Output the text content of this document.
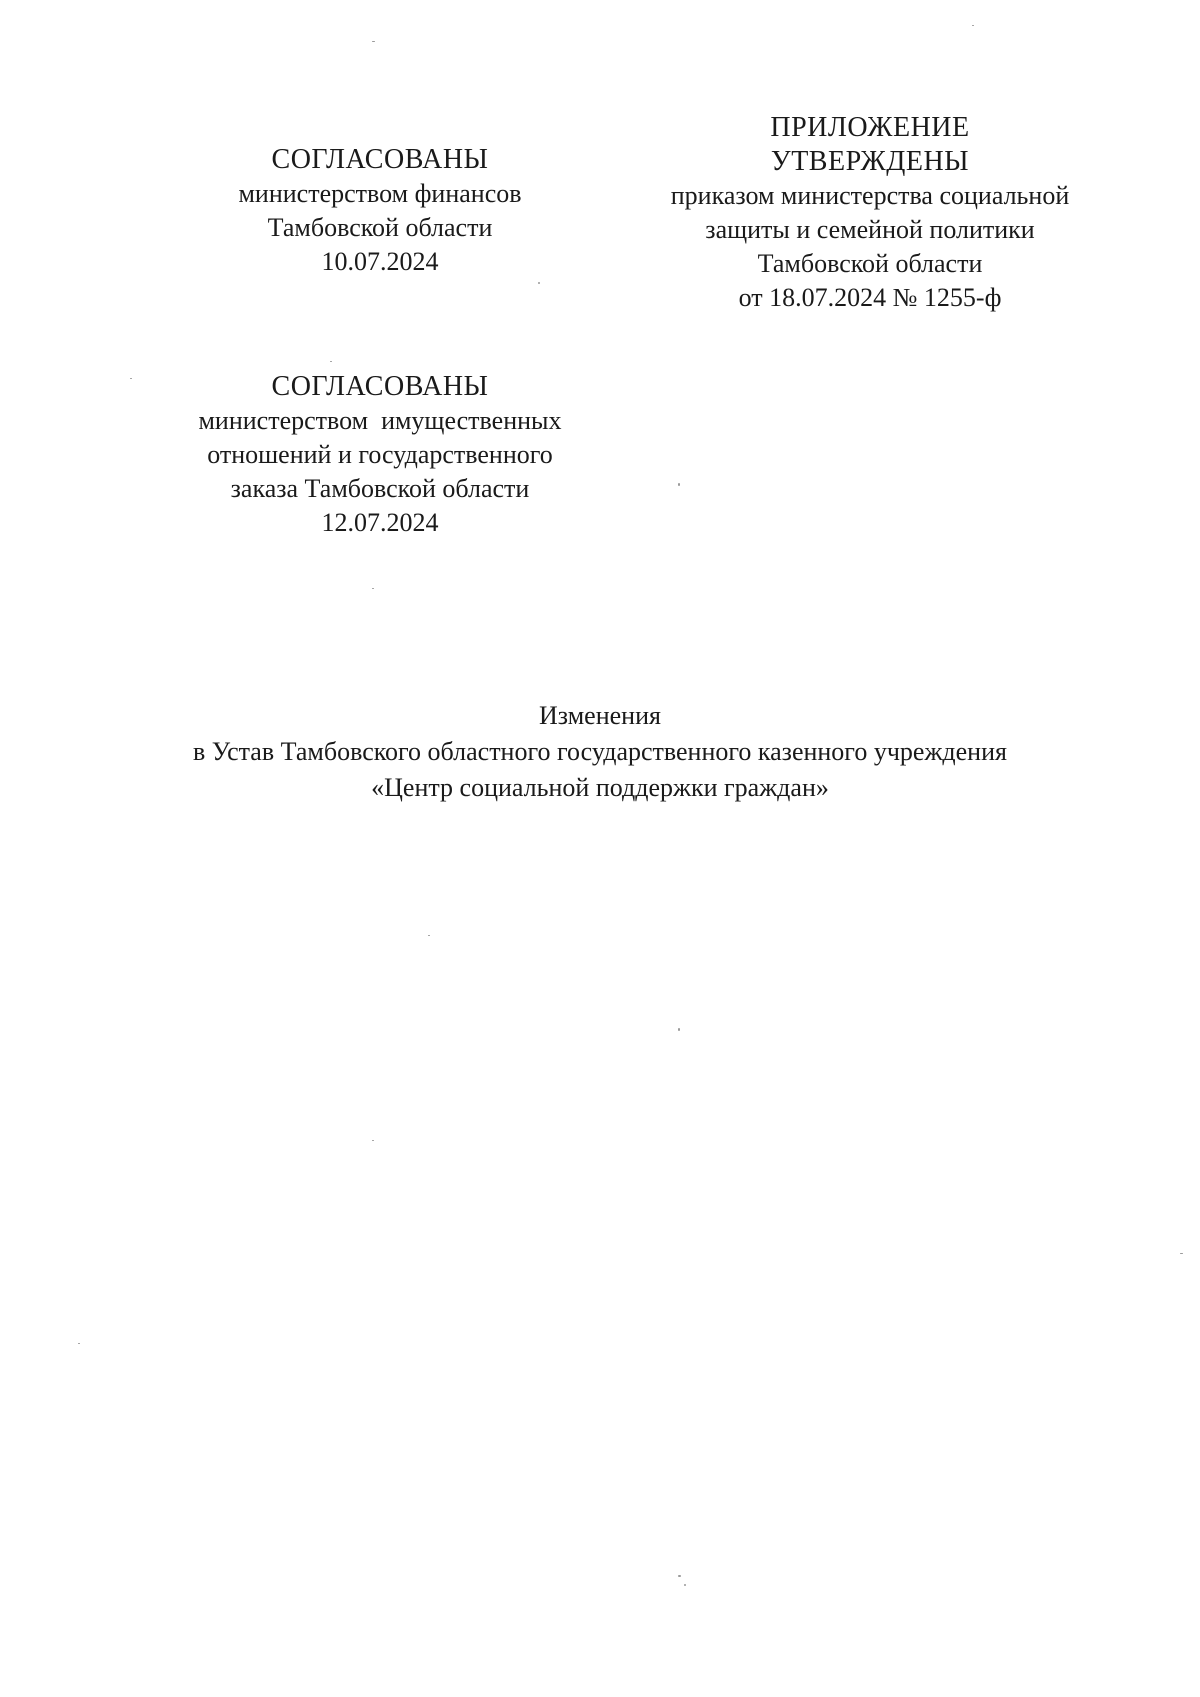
СОГЛАСОВАНЫ
министерством финансов
Тамбовской области
10.07.2024
ПРИЛОЖЕНИЕ
УТВЕРЖДЕНЫ
приказом министерства социальной
защиты и семейной политики
Тамбовской области
от 18.07.2024 № 1255-ф
СОГЛАСОВАНЫ
министерством  имущественных
отношений и государственного
заказа Тамбовской области
12.07.2024
Изменения
в Устав Тамбовского областного государственного казенного учреждения
«Центр социальной поддержки граждан»
